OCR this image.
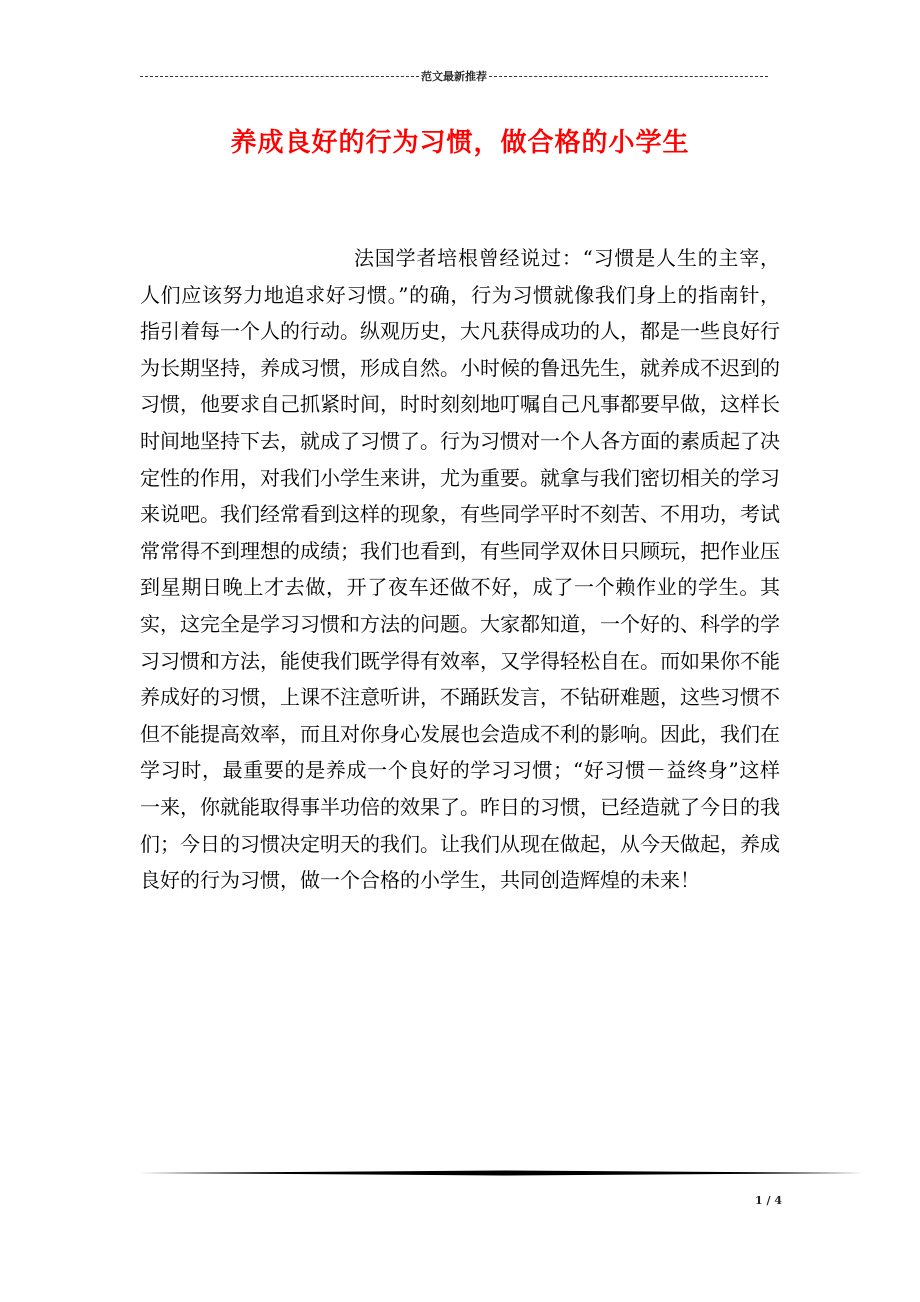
范文最新推荐
养成良好的行为习惯，做合格的小学生

法国学者培根曾经说过：“习惯是人生的主宰，人们应该努力地追求好习惯。”的确，行为习惯就像我们身上的指南针，指引着每一个人的行动。纵观历史，大凡获得成功的人，都是一些良好行为长期坚持，养成习惯，形成自然。小时候的鲁迅先生，就养成不迟到的习惯，他要求自己抓紧时间，时时刻刻地叮嘱自己凡事都要早做，这样长时间地坚持下去，就成了习惯了。行为习惯对一个人各方面的素质起了决定性的作用，对我们小学生来讲，尤为重要。就拿与我们密切相关的学习来说吧。我们经常看到这样的现象，有些同学平时不刻苦、不用功，考试常常得不到理想的成绩；我们也看到，有些同学双休日只顾玩，把作业压到星期日晚上才去做，开了夜车还做不好，成了一个赖作业的学生。其实，这完全是学习习惯和方法的问题。大家都知道，一个好的、科学的学习习惯和方法，能使我们既学得有效率，又学得轻松自在。而如果你不能养成好的习惯，上课不注意听讲，不踊跃发言，不钻研难题，这些习惯不但不能提高效率，而且对你身心发展也会造成不利的影响。因此，我们在学习时，最重要的是养成一个良好的学习习惯；“好习惯－益终身”这样一来，你就能取得事半功倍的效果了。昨日的习惯，已经造就了今日的我们；今日的习惯决定明天的我们。让我们从现在做起，从今天做起，养成良好的行为习惯，做一个合格的小学生，共同创造辉煌的未来！

1 / 4
